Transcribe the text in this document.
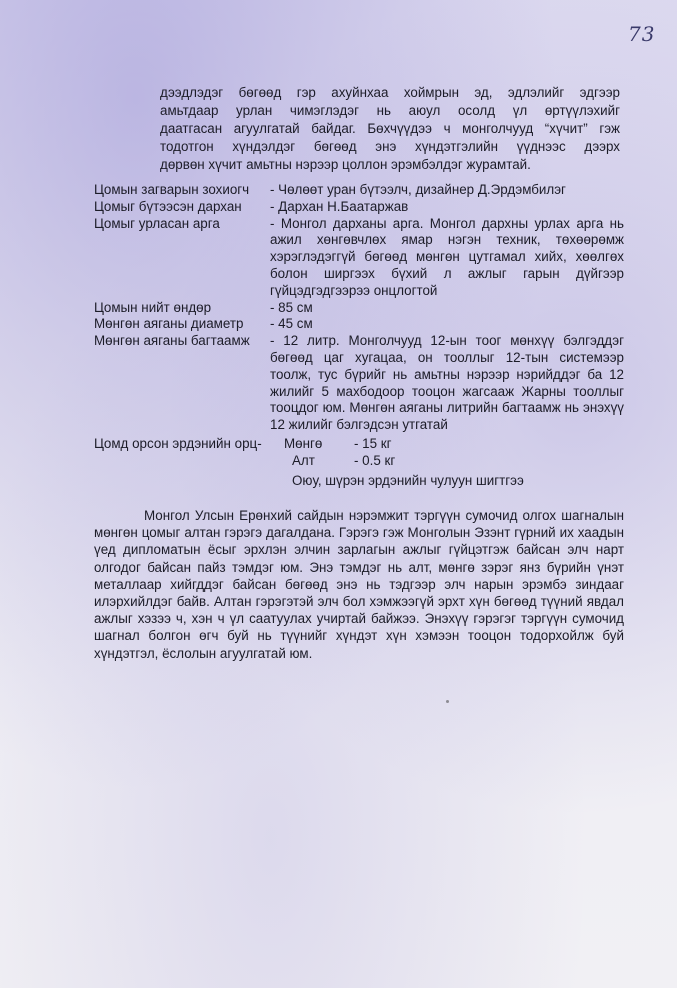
73

дээдлэдэг бөгөөд гэр ахуйнхаа хоймрын эд, эдлэлийг эдгээр
амьтдаар урлан чимэглэдэг нь аюул осолд үл өртүүлэхийг
даатгасан агуулгатай байдаг. Бөхчүүдээ ч монголчууд “хүчит” гэж
тодотгон хүндэлдэг бөгөөд энэ хүндэтгэлийн үүднээс дээрх
дөрвөн хүчит амьтны нэрээр цоллон эрэмбэлдэг журамтай.

Цомын загварын зохиогч	- Чөлөөт уран бүтээлч, дизайнер Д.Эрдэмбилэг
Цомыг бүтээсэн дархан	- Дархан Н.Баатаржав
Цомыг урласан арга	- Монгол дарханы арга. Монгол дархны урлах арга нь ажил хөнгөвчлөх ямар нэгэн техник, төхөөрөмж хэрэглэдэггүй бөгөөд мөнгөн цутгамал хийх, хөөлгөх болон ширгээх бүхий л ажлыг гарын дүйгээр гүйцэдгэдгээрээ онцлогтой
Цомын нийт өндөр	- 85 см
Мөнгөн аяганы диаметр	- 45 см
Мөнгөн аяганы багтаамж	- 12 литр. Монголчууд 12-ын тоог мөнхүү бэлгэддэг бөгөөд цаг хугацаа, он тооллыг 12-тын системээр тоолж, тус бүрийг нь амьтны нэрээр нэрийддэг ба 12 жилийг 5 махбодоор тооцон жагсааж Жарны тооллыг тооцдог юм. Мөнгөн аяганы литрийн багтаамж нь энэхүү 12 жилийг бэлгэдсэн утгатай
Цомд орсон эрдэнийн орц-	Мөнгө	- 15 кг
Алт	- 0.5 кг
Оюу, шүрэн эрдэнийн чулуун шигтгээ

Монгол Улсын Ерөнхий сайдын нэрэмжит тэргүүн сумочид олгох шагналын мөнгөн цомыг алтан гэрэгэ дагалдана. Гэрэгэ гэж Монголын Эзэнт гүрний их хаадын үед дипломатын ёсыг эрхлэн элчин зарлагын ажлыг гүйцэтгэж байсан элч нарт олгодог байсан пайз тэмдэг юм. Энэ тэмдэг нь алт, мөнгө зэрэг янз бүрийн үнэт металлаар хийгддэг байсан бөгөөд энэ нь тэдгээр элч нарын эрэмбэ зиндааг илэрхийлдэг байв. Алтан гэрэгэтэй элч бол хэмжээгүй эрхт хүн бөгөөд түүний явдал ажлыг хэзээ ч, хэн ч үл саатуулах учиртай байжээ. Энэхүү гэрэгэг тэргүүн сумочид шагнал болгон өгч буй нь түүнийг хүндэт хүн хэмээн тооцон тодорхойлж буй хүндэтгэл, ёслолын агуулгатай юм.
